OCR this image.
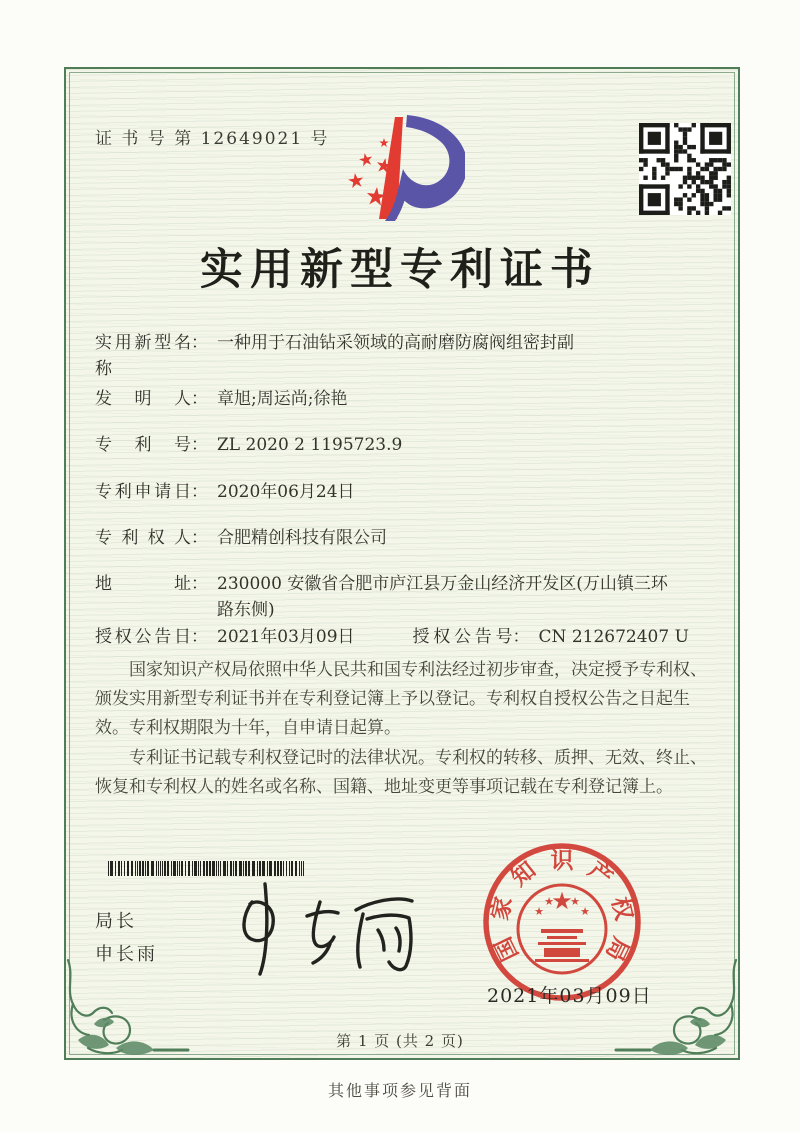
证 书 号 第 12649021 号
实用新型专利证书
实用新型名称
： 一种用于石油钻采领域的高耐磨防腐阀组密封副
发明人 ： 章旭;周运尚;徐艳
专利号 ： ZL 2020 2 1195723.9
专利申请日 ： 2020年06月24日
专利权人 ： 合肥精创科技有限公司
地址 ： 230000 安徽省合肥市庐江县万金山经济开发区(万山镇三环路东侧)
授权公告日 ： 2021年03月09日	授权公告号 ： CN 212672407 U

国家知识产权局依照中华人民共和国专利法经过初步审查，决定授予专利权、颁发实用新型专利证书并在专利登记簿上予以登记。专利权自授权公告之日起生效。专利权期限为十年，自申请日起算。

专利证书记载专利权登记时的法律状况。专利权的转移、质押、无效、终止、恢复和专利权人的姓名或名称、国籍、地址变更等事项记载在专利登记簿上。

局长
申长雨	国
家
知 识 产
权
局
★
★
★ ★
★
2021年03月09日
第 1 页 (共 2 页)
其他事项参见背面
